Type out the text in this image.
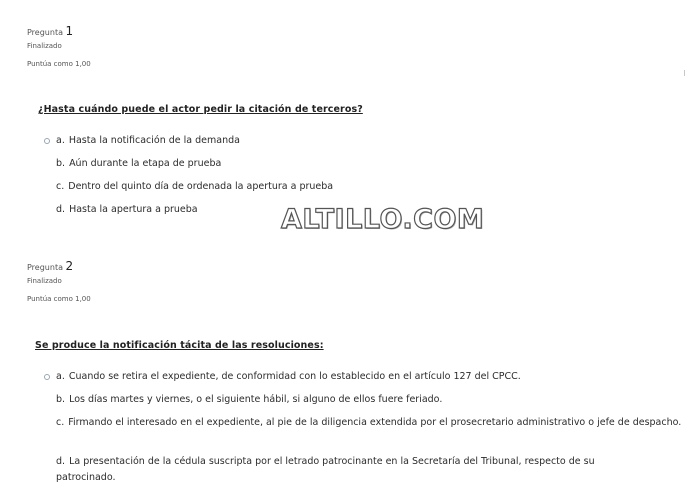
Pregunta 1
Finalizado
Puntúa como 1,00
¿Hasta cuándo puede el actor pedir la citación de terceros?
a. Hasta la notificación de la demanda
b. Aún durante la etapa de prueba
c. Dentro del quinto día de ordenada la apertura a prueba
d. Hasta la apertura a prueba	ALTILLO.COM
Pregunta 2
Finalizado
Puntúa como 1,00
Se produce la notificación tácita de las resoluciones:
a. Cuando se retira el expediente, de conformidad con lo establecido en el artículo 127 del CPCC.
b. Los días martes y viernes, o el siguiente hábil, si alguno de ellos fuere feriado.
c. Firmando el interesado en el expediente, al pie de la diligencia extendida por el prosecretario administrativo o jefe de despacho.
d. La presentación de la cédula suscripta por el letrado patrocinante en la Secretaría del Tribunal, respecto de su patrocinado.
